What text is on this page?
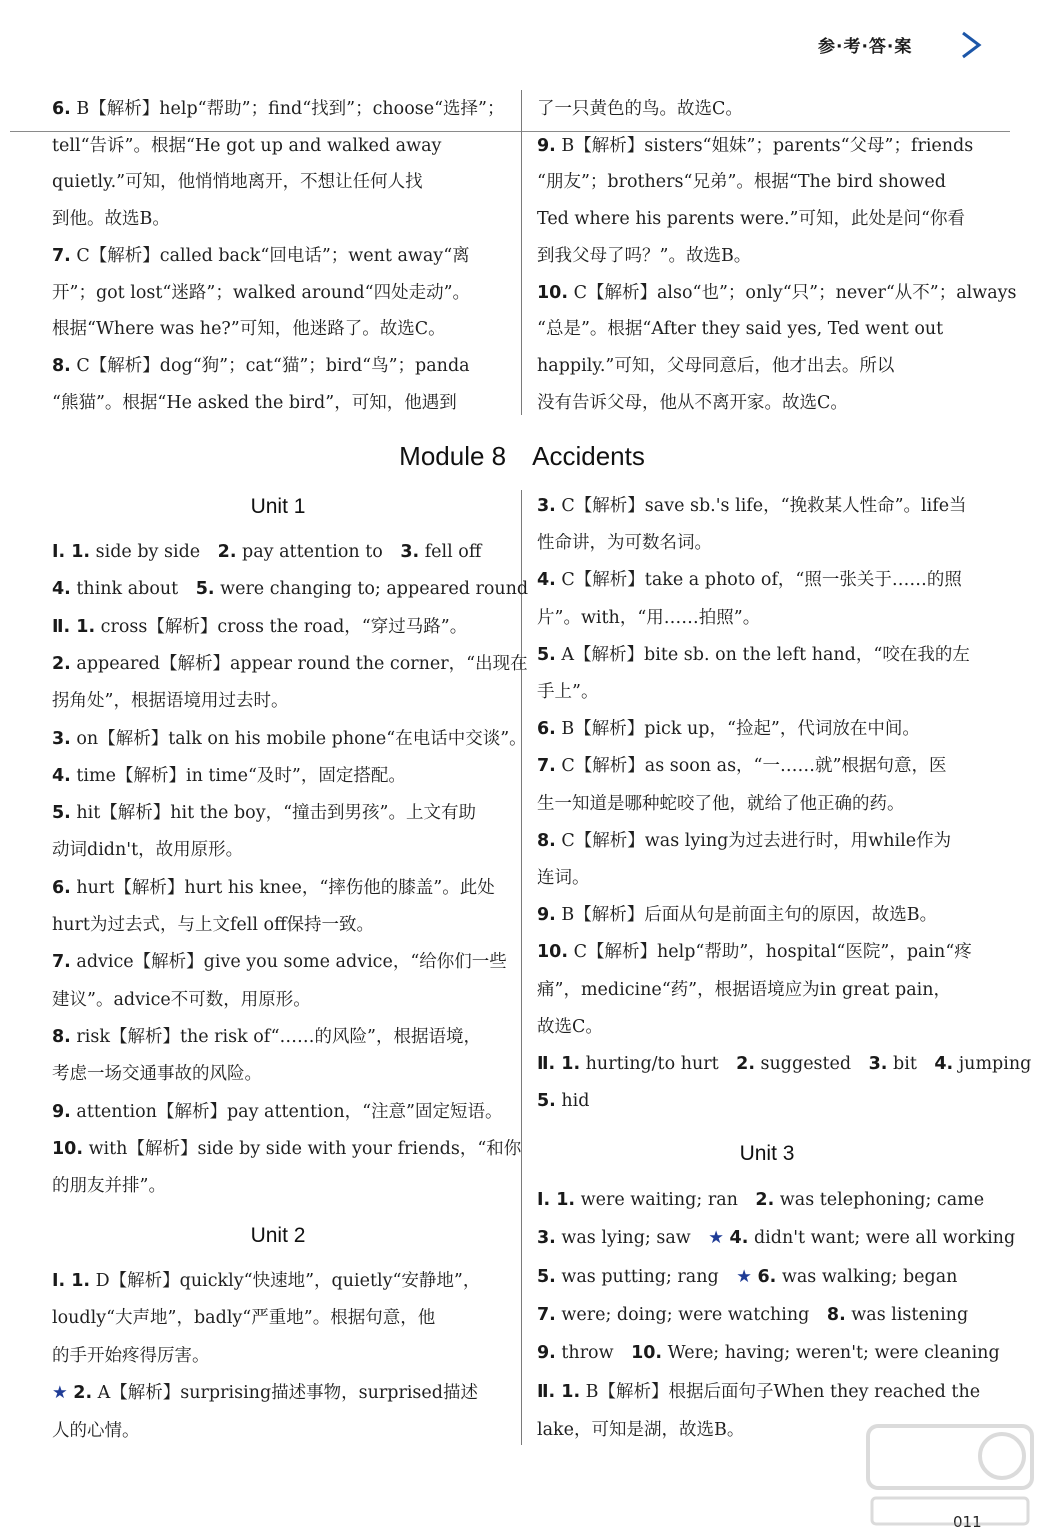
参·考·答·案
6. B【解析】help“帮助”；find“找到”；choose“选择”；
tell“告诉”。根据“He got up and walked away
quietly.”可知，他悄悄地离开，不想让任何人找
到他。故选B。
7. C【解析】called back“回电话”；went away“离
开”；got lost“迷路”；walked around“四处走动”。
根据“Where was he?”可知，他迷路了。故选C。
8. C【解析】dog“狗”；cat“猫”；bird“鸟”；panda
“熊猫”。根据“He asked the bird”，可知，他遇到
了一只黄色的鸟。故选C。
9. B【解析】sisters“姐妹”；parents“父母”；friends
“朋友”；brothers“兄弟”。根据“The bird showed
Ted where his parents were.”可知，此处是问“你看
到我父母了吗？”。故选B。
10. C【解析】also“也”；only“只”；never“从不”；always
“总是”。根据“After they said yes, Ted went out
happily.”可知，父母同意后，他才出去。所以
没有告诉父母，他从不离开家。故选C。
Module 8　Accidents
Unit 1
Ⅰ. 1. side by side　2. pay attention to　3. fell off
4. think about　5. were changing to; appeared round
Ⅱ. 1. cross【解析】cross the road，“穿过马路”。
2. appeared【解析】appear round the corner，“出现在
拐角处”，根据语境用过去时。
3. on【解析】talk on his mobile phone“在电话中交谈”。
4. time【解析】in time“及时”，固定搭配。
5. hit【解析】hit the boy，“撞击到男孩”。上文有助
动词didn't，故用原形。
6. hurt【解析】hurt his knee，“摔伤他的膝盖”。此处
hurt为过去式，与上文fell off保持一致。
7. advice【解析】give you some advice，“给你们一些
建议”。advice不可数，用原形。
8. risk【解析】the risk of“……的风险”，根据语境，
考虑一场交通事故的风险。
9. attention【解析】pay attention，“注意”固定短语。
10. with【解析】side by side with your friends，“和你
的朋友并排”。
Unit 2
Ⅰ. 1. D【解析】quickly“快速地”，quietly“安静地”，
loudly“大声地”，badly“严重地”。根据句意，他
的手开始疼得厉害。
★ 2. A【解析】surprising描述事物，surprised描述
人的心情。
3. C【解析】save sb.'s life，“挽救某人性命”。life当
性命讲，为可数名词。
4. C【解析】take a photo of，“照一张关于……的照
片”。with，“用……拍照”。
5. A【解析】bite sb. on the left hand，“咬在我的左
手上”。
6. B【解析】pick up，“捡起”，代词放在中间。
7. C【解析】as soon as，“一……就”根据句意，医
生一知道是哪种蛇咬了他，就给了他正确的药。
8. C【解析】was lying为过去进行时，用while作为
连词。
9. B【解析】后面从句是前面主句的原因，故选B。
10. C【解析】help“帮助”，hospital“医院”，pain“疼
痛”，medicine“药”，根据语境应为in great pain，
故选C。
Ⅱ. 1. hurting/to hurt　2. suggested　3. bit　4. jumping
5. hid
Unit 3
Ⅰ. 1. were waiting; ran　2. was telephoning; came
3. was lying; saw　★ 4. didn't want; were all working
5. was putting; rang　★ 6. was walking; began
7. were; doing; were watching　8. was listening
9. throw　10. Were; having; weren't; were cleaning
Ⅱ. 1. B【解析】根据后面句子When they reached the
lake，可知是湖，故选B。
011
